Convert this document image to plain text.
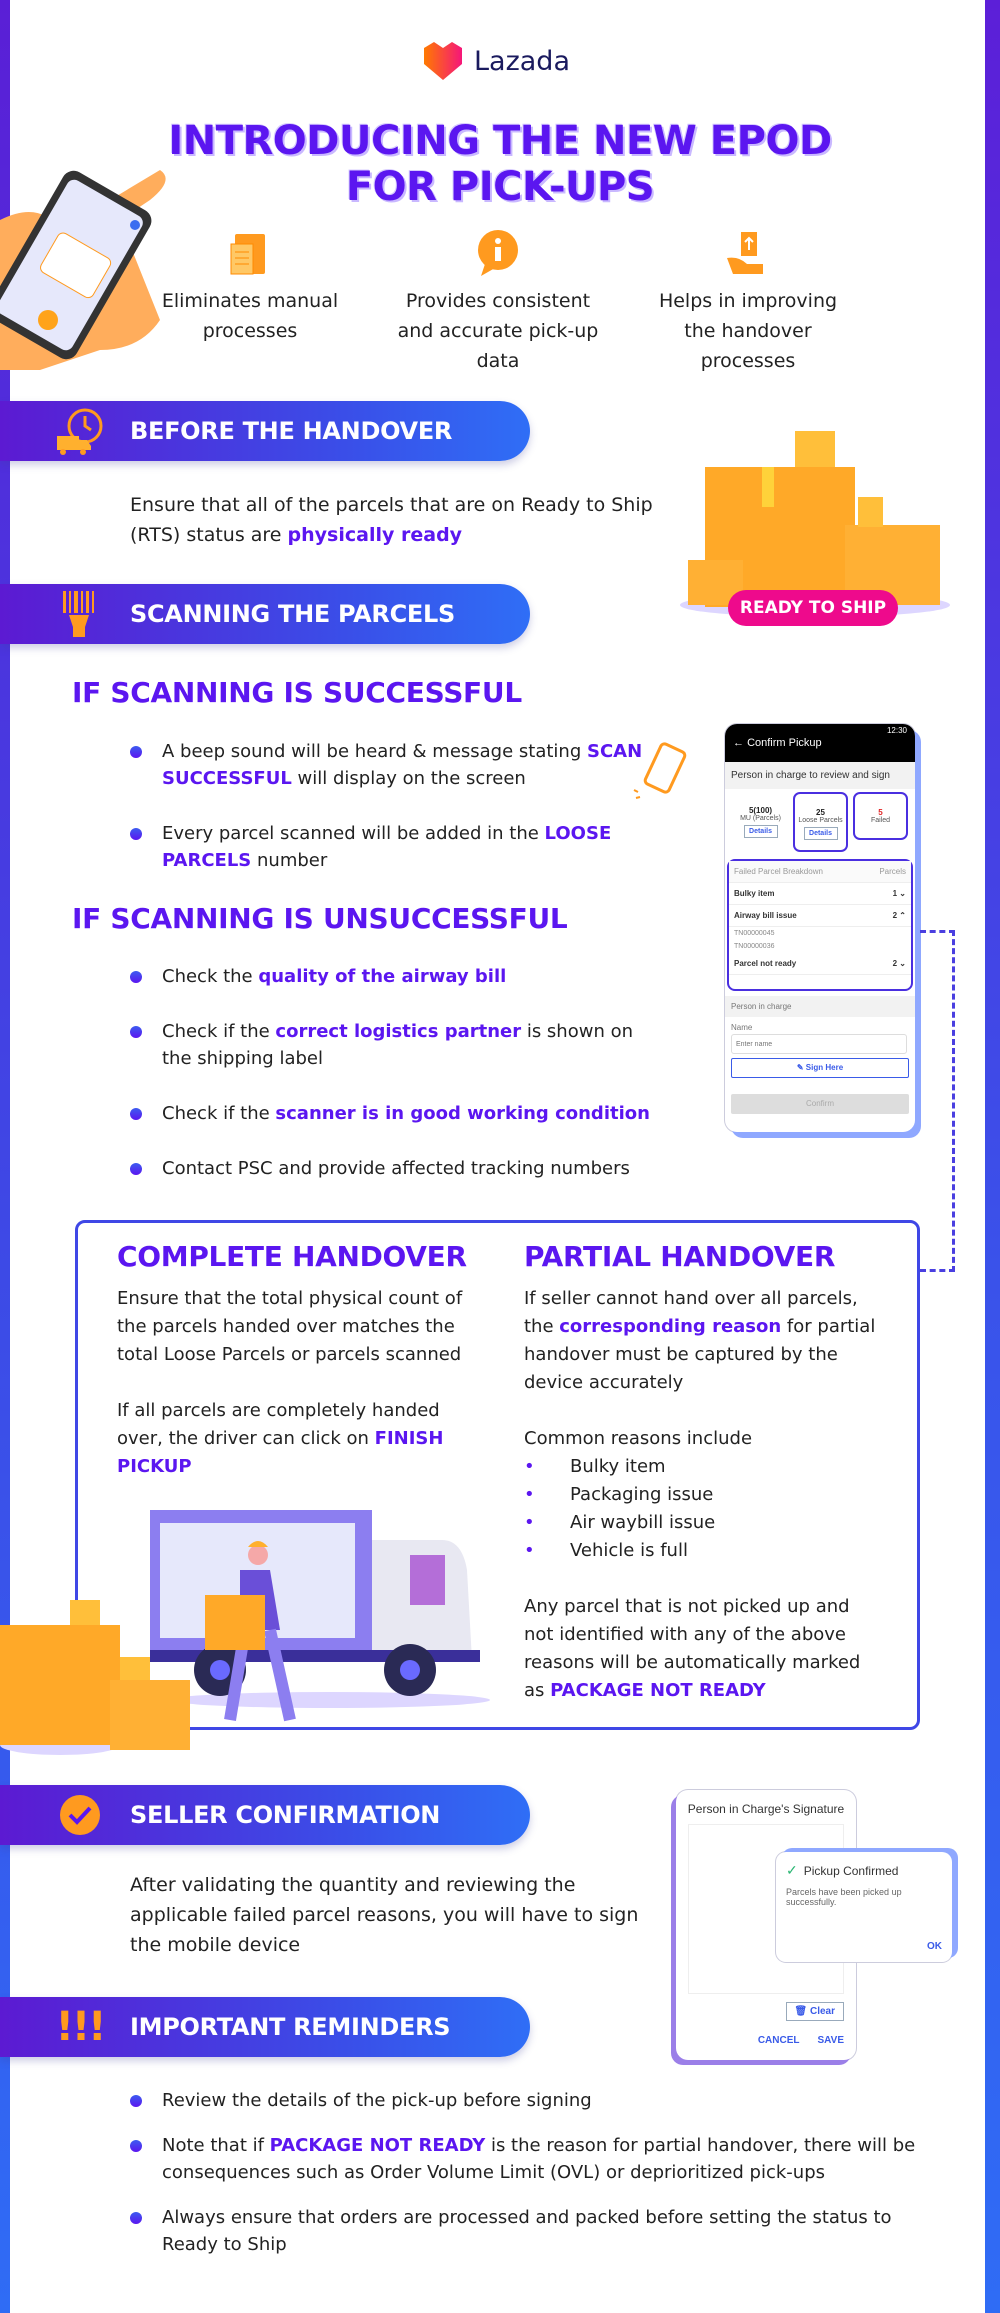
Lazada
INTRODUCING THE NEW EPOD
FOR PICK-UPS
Eliminates manual
processes
Provides consistent
and accurate pick-up
data
Helps in improving
the handover
processes
BEFORE THE HANDOVER
Ensure that all of the parcels that are on Ready to Ship (RTS) status are physically ready
READY TO SHIP
SCANNING THE PARCELS
IF SCANNING IS SUCCESSFUL
A beep sound will be heard & message stating SCAN SUCCESSFUL will display on the screen
Every parcel scanned will be added in the LOOSE PARCELS number
IF SCANNING IS UNSUCCESSFUL
Check the quality of the airway bill
Check if the correct logistics partner is shown on the shipping label
Check if the scanner is in good working condition
Contact PSC and provide affected tracking numbers
12:30
← Confirm Pickup
Person in charge to review and sign
5(100)
MU (Parcels)
Details
25
Loose Parcels
Details
5
Failed
Failed Parcel Breakdown	Parcels
Bulky item	1 ⌄
Airway bill issue	2 ⌃
TN00000045
TN00000036
Parcel not ready	2 ⌄
Person in charge
Name
Enter name
✎ Sign Here
Confirm
COMPLETE HANDOVER
Ensure that the total physical count of the parcels handed over matches the total Loose Parcels or parcels scanned
If all parcels are completely handed over, the driver can click on FINISH PICKUP
PARTIAL HANDOVER
If seller cannot hand over all parcels, the corresponding reason for partial handover must be captured by the device accurately
Common reasons include
• Bulky item
• Packaging issue
• Air waybill issue
• Vehicle is full
Any parcel that is not picked up and not identified with any of the above reasons will be automatically marked as PACKAGE NOT READY
SELLER CONFIRMATION
After validating the quantity and reviewing the applicable failed parcel reasons, you will have to sign the mobile device
Person in Charge's Signature
🗑 Clear
CANCEL SAVE
✓ Pickup Confirmed
Parcels have been picked up successfully.
OK
!!! IMPORTANT REMINDERS
Review the details of the pick-up before signing
Note that if PACKAGE NOT READY is the reason for partial handover, there will be consequences such as Order Volume Limit (OVL) or deprioritized pick-ups
Always ensure that orders are processed and packed before setting the status to Ready to Ship
